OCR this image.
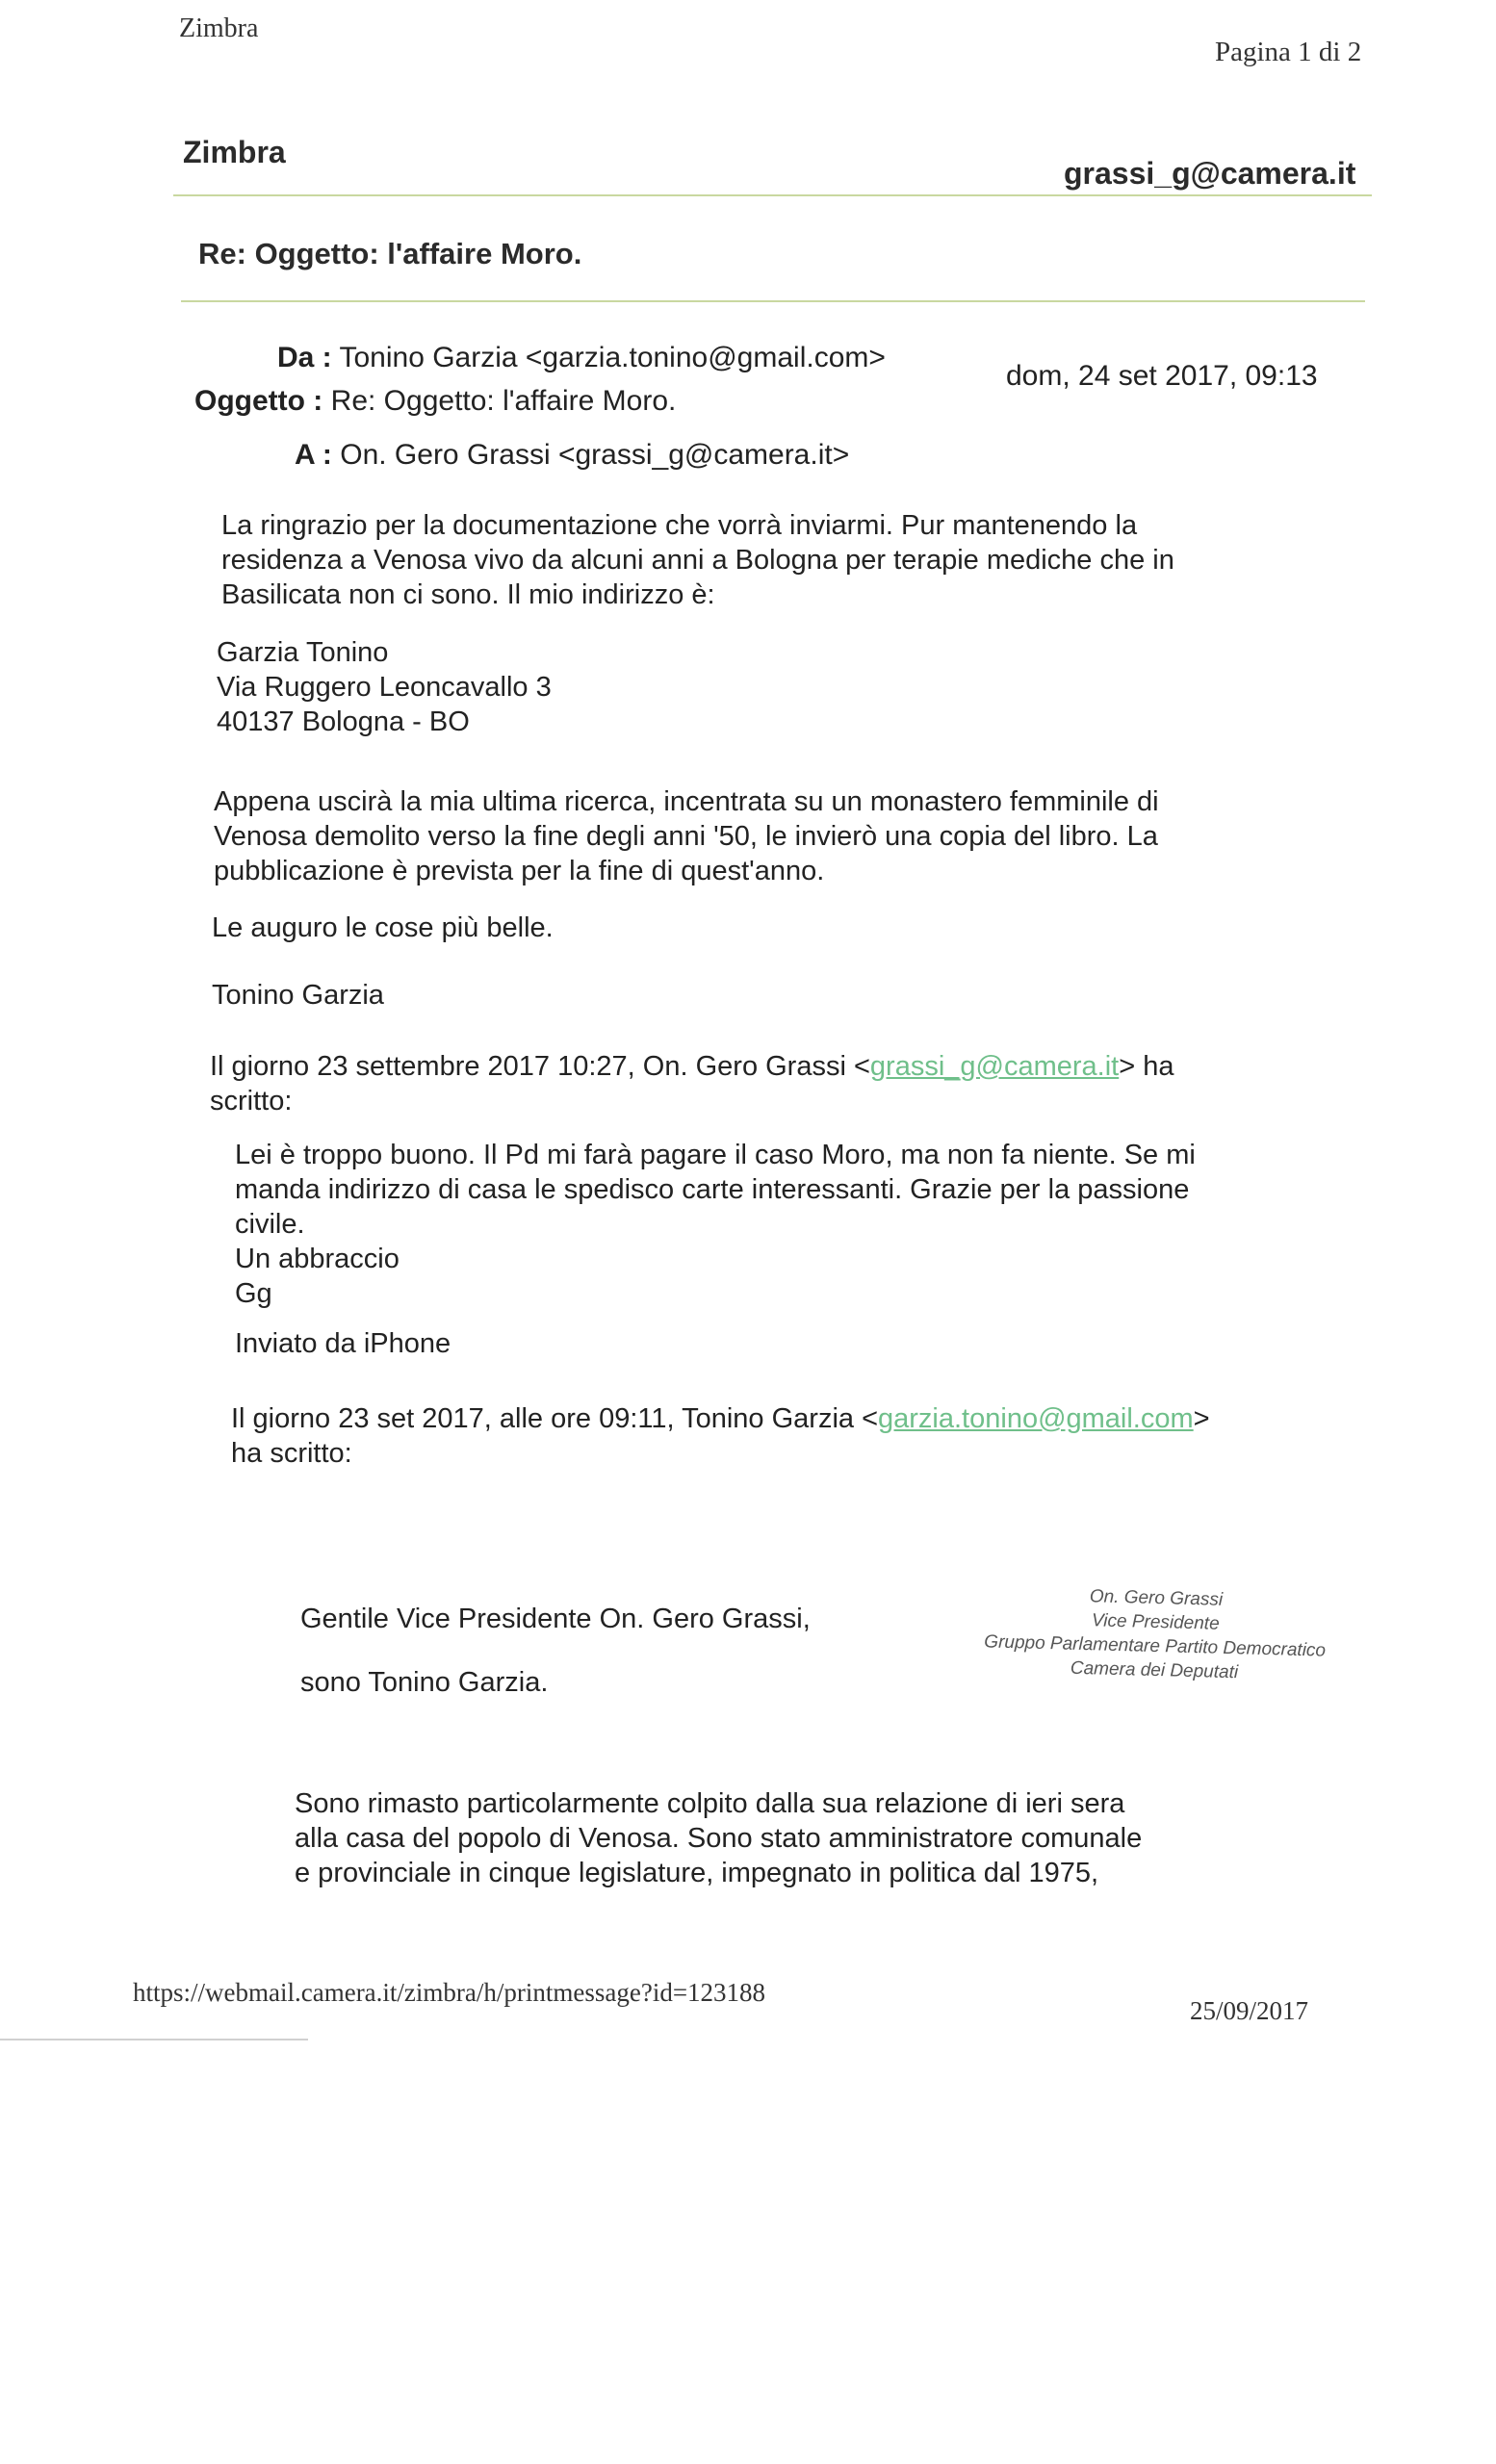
Zimbra
Pagina 1 di 2
Zimbra
grassi_g@camera.it
Re: Oggetto: l'affaire Moro.
Da : Tonino Garzia <garzia.tonino@gmail.com>
dom, 24 set 2017, 09:13
Oggetto : Re: Oggetto: l'affaire Moro.
A : On. Gero Grassi <grassi_g@camera.it>

La ringrazio per la documentazione che vorrà inviarmi. Pur mantenendo la

residenza a Venosa vivo da alcuni anni a Bologna per terapie mediche che in

Basilicata non ci sono. Il mio indirizzo è:

Garzia Tonino

Via Ruggero Leoncavallo 3

40137 Bologna - BO

Appena uscirà la mia ultima ricerca, incentrata su un monastero femminile di

Venosa demolito verso la fine degli anni '50, le invierò una copia del libro. La

pubblicazione è prevista per la fine di quest'anno.

Le auguro le cose più belle.
Tonino Garzia

Il giorno 23 settembre 2017 10:27, On. Gero Grassi <grassi_g@camera.it> ha

scritto:

Lei è troppo buono. Il Pd mi farà pagare il caso Moro, ma non fa niente. Se mi

manda indirizzo di casa le spedisco carte interessanti. Grazie per la passione

civile.

Un abbraccio

Gg

Inviato da iPhone

Il giorno 23 set 2017, alle ore 09:11, Tonino Garzia <garzia.tonino@gmail.com>

ha scritto:

Gentile Vice Presidente On. Gero Grassi,
sono Tonino Garzia.
On. Gero Grassi
Vice Presidente
Gruppo Parlamentare Partito Democratico
Camera dei Deputati

Sono rimasto particolarmente colpito dalla sua relazione di ieri sera

alla casa del popolo di Venosa. Sono stato amministratore comunale

e provinciale in cinque legislature, impegnato in politica dal 1975,

https://webmail.camera.it/zimbra/h/printmessage?id=123188
25/09/2017
